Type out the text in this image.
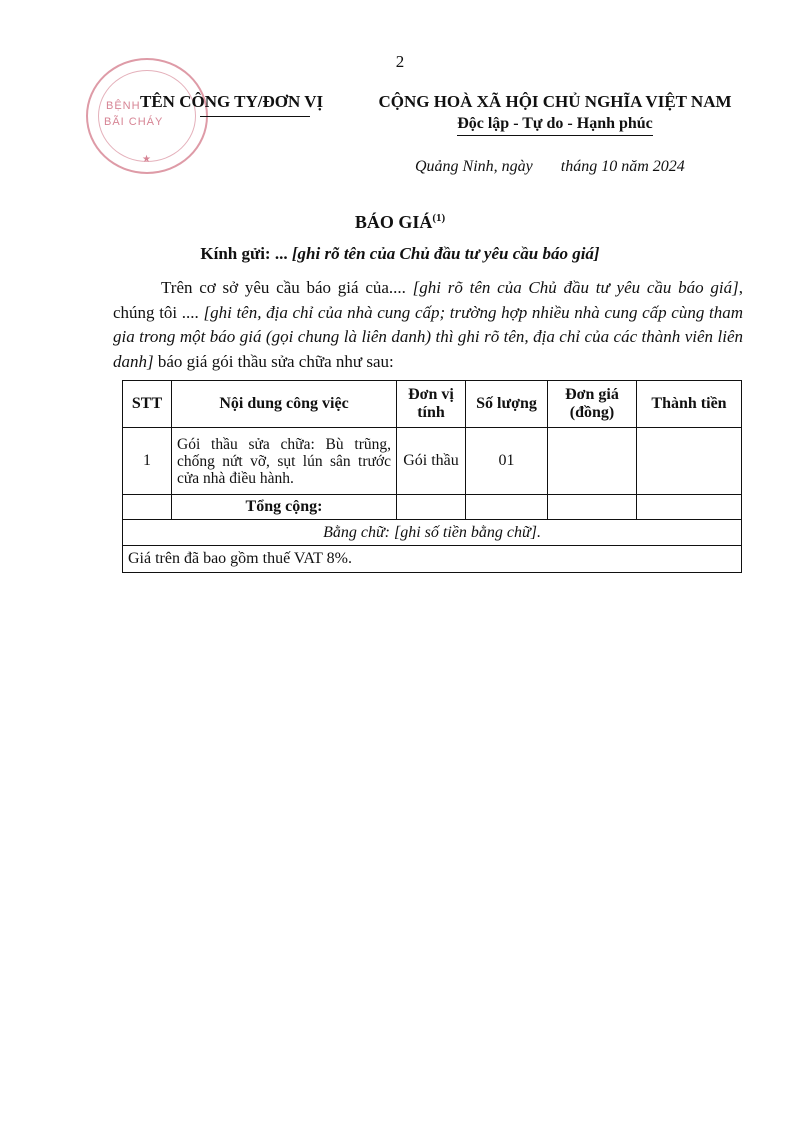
2
BỆNH
BÃI CHÁY
★
TÊN CÔNG TY/ĐƠN VỊ	CỘNG HOÀ XÃ HỘI CHỦ NGHĨA VIỆT NAM
Độc lập - Tự do - Hạnh phúc
Quảng Ninh, ngày       tháng 10 năm 2024
BÁO GIÁ$^{(1)}$
Kính gửi: ... [ghi rõ tên của Chủ đầu tư yêu cầu báo giá]
Trên cơ sở yêu cầu báo giá của.... [ghi rõ tên của Chủ đầu tư yêu cầu báo giá], chúng tôi .... [ghi tên, địa chỉ của nhà cung cấp; trường hợp nhiều nhà cung cấp cùng tham gia trong một báo giá (gọi chung là liên danh) thì ghi rõ tên, địa chỉ của các thành viên liên danh] báo giá gói thầu sửa chữa như sau:
STT	Nội dung công việc	Đơn vị tính	Số lượng	Đơn giá (đồng)	Thành tiền
1	Gói thầu sửa chữa: Bù trũng, chống nứt vỡ, sụt lún sân trước cửa nhà điều hành.	Gói thầu	01		
	Tổng cộng:				
Bằng chữ: [ghi số tiền bằng chữ].					
Giá trên đã bao gồm thuế VAT 8%.					
